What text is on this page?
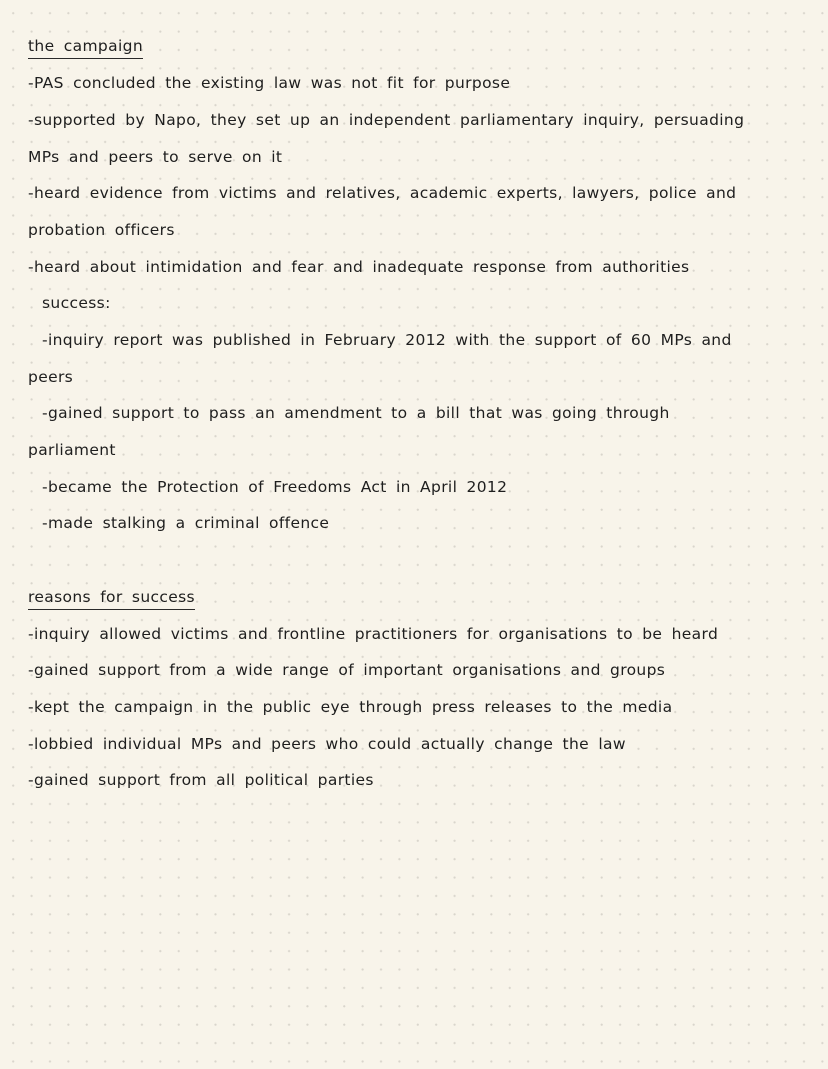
the campaign
-PAS concluded the existing law was not fit for purpose
-supported by Napo, they set up an independent parliamentary inquiry, persuading
MPs and peers to serve on it
-heard evidence from victims and relatives, academic experts, lawyers, police and
probation officers
-heard about intimidation and fear and inadequate response from authorities
success:
-inquiry report was published in February 2012 with the support of 60 MPs and
peers
-gained support to pass an amendment to a bill that was going through
parliament
-became the Protection of Freedoms Act in April 2012
-made stalking a criminal offence
reasons for success
-inquiry allowed victims and frontline practitioners for organisations to be heard
-gained support from a wide range of important organisations and groups
-kept the campaign in the public eye through press releases to the media
-lobbied individual MPs and peers who could actually change the law
-gained support from all political parties
